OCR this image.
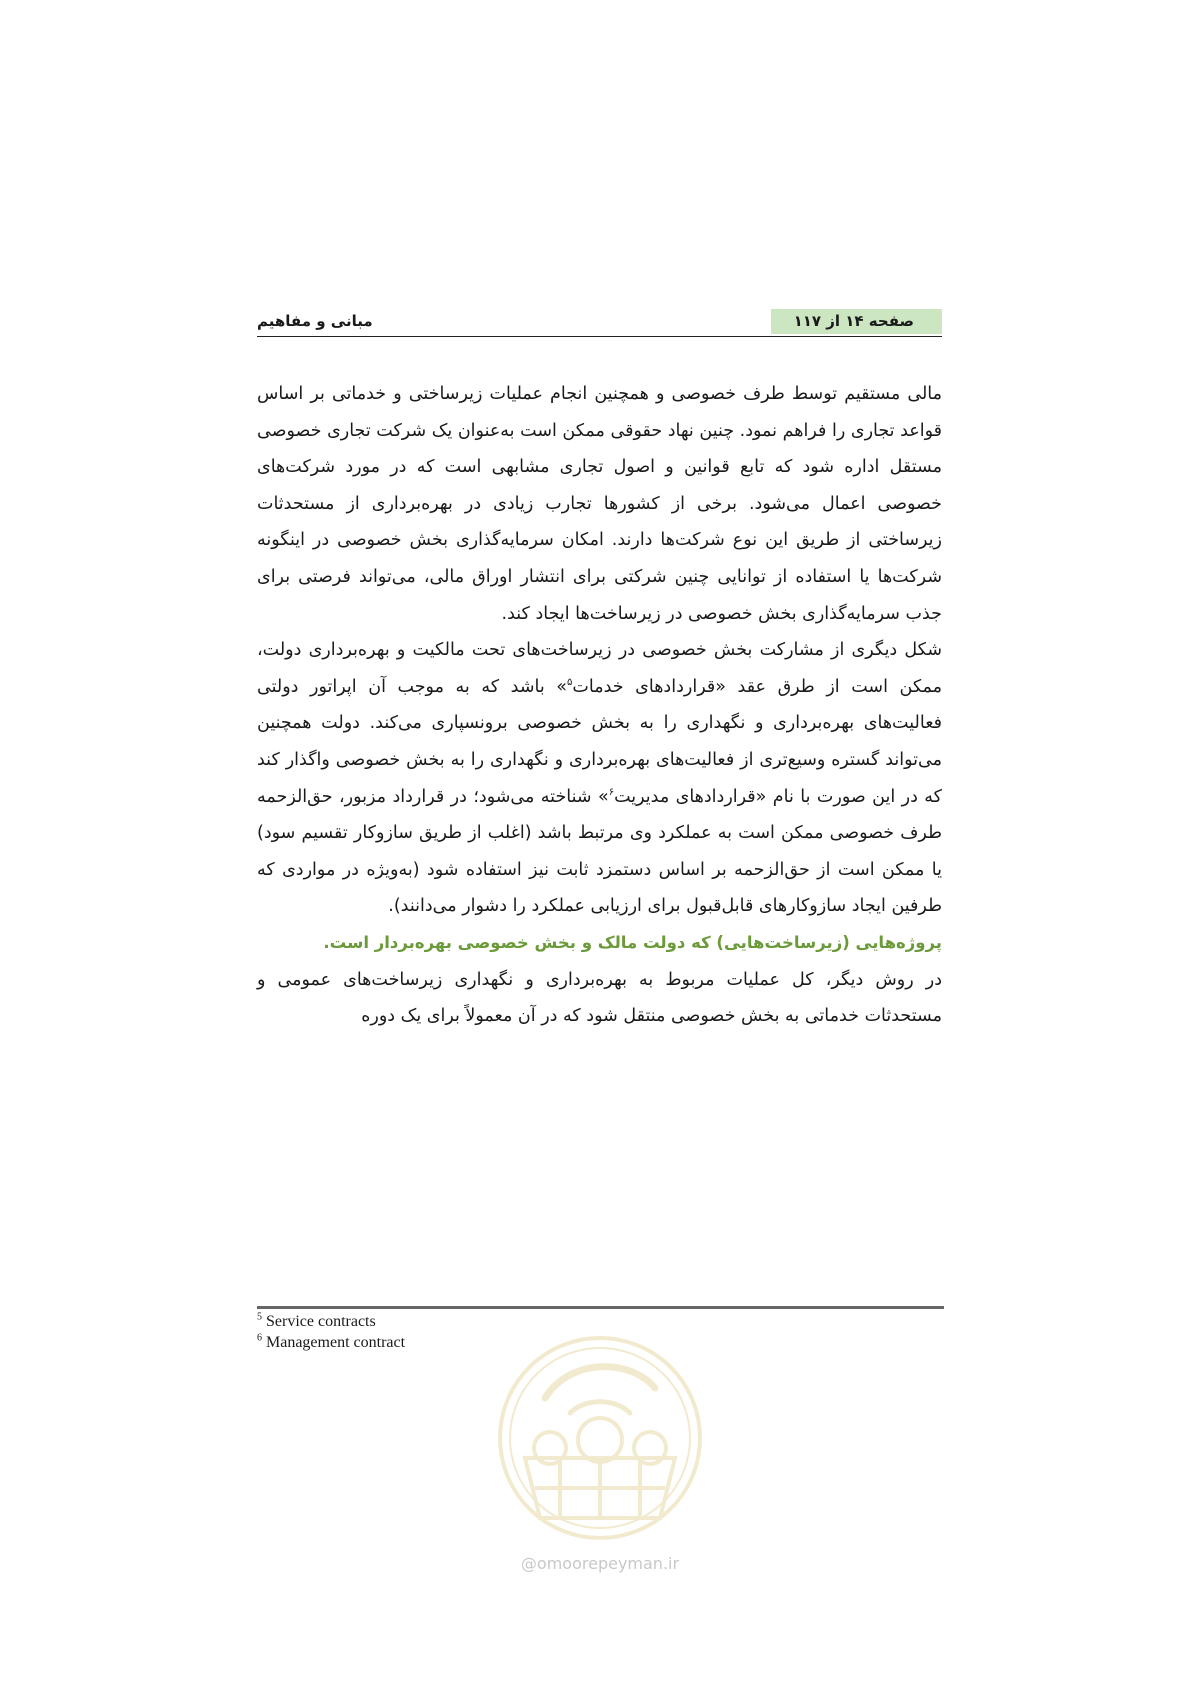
صفحه ۱۴ از ۱۱۷
مبانی و مفاهیم

مالی مستقیم توسط طرف خصوصی و همچنین انجام عملیات زیرساختی و خدماتی بر اساس قواعد تجاری را فراهم نمود. چنین نهاد حقوقی ممکن است به‌عنوان یک شرکت تجاری خصوصی مستقل اداره شود که تابع قوانین و اصول تجاری مشابهی است که در مورد شرکت‌های خصوصی اعمال می‌شود. برخی از کشورها تجارب زیادی در بهره‌برداری از مستحدثات زیرساختی از طریق این نوع شرکت‌ها دارند. امکان سرمایه‌گذاری بخش خصوصی در اینگونه شرکت‌ها یا استفاده از توانایی چنین شرکتی برای انتشار اوراق مالی، می‌تواند فرصتی برای جذب سرمایه‌گذاری بخش خصوصی در زیرساخت‌ها ایجاد کند.

شکل دیگری از مشارکت بخش خصوصی در زیرساخت‌های تحت مالکیت و بهره‌برداری دولت، ممکن است از طرق عقد «قراردادهای خدمات$^۵$» باشد که به موجب آن اپراتور دولتی فعالیت‌های بهره‌برداری و نگهداری را به بخش خصوصی برونسپاری می‌کند. دولت همچنین می‌تواند گستره وسیع‌تری از فعالیت‌های بهره‌برداری و نگهداری را به بخش خصوصی واگذار کند که در این صورت با نام «قراردادهای مدیریت$^۶$» شناخته می‌شود؛ در قرارداد مزبور، حق‌الزحمه طرف خصوصی ممکن است به عملکرد وی مرتبط باشد (اغلب از طریق سازوکار تقسیم سود) یا ممکن است از حق‌الزحمه بر اساس دستمزد ثابت نیز استفاده شود (به‌ویژه در مواردی که طرفین ایجاد سازوکارهای قابل‌قبول برای ارزیابی عملکرد را دشوار می‌دانند).

پروژه‌هایی (زیرساخت‌هایی) که دولت مالک و بخش خصوصی بهره‌بردار است.

در روش دیگر، کل عملیات مربوط به بهره‌برداری و نگهداری زیرساخت‌های عمومی و مستحدثات خدماتی به بخش خصوصی منتقل شود که در آن معمولاً برای یک دوره

$^5$ Service contracts
$^6$ Management contract
@omoorepeyman.ir
